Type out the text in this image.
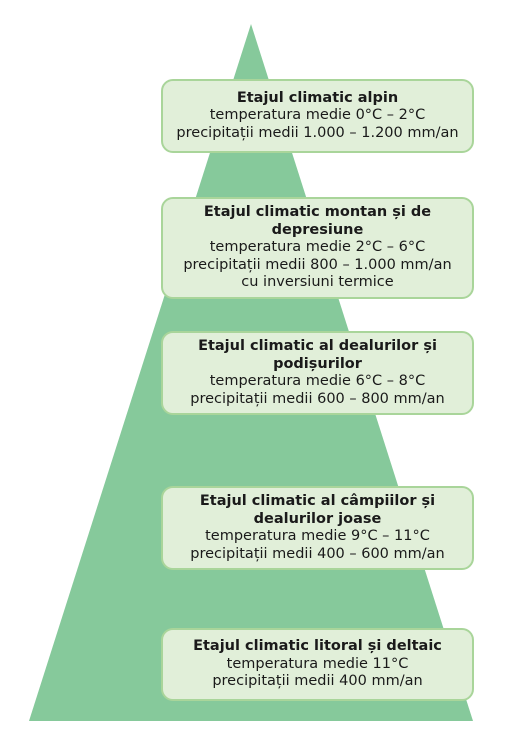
Etajul climatic alpin
temperatura medie 0°C – 2°C
precipitații medii 1.000 – 1.200 mm/an
Etajul climatic montan și de depresiune
temperatura medie 2°C – 6°C
precipitații medii 800 – 1.000 mm/an
cu inversiuni termice
Etajul climatic al dealurilor și podișurilor
temperatura medie 6°C – 8°C
precipitații medii 600 – 800 mm/an
Etajul climatic al câmpiilor și dealurilor joase
temperatura medie 9°C – 11°C
precipitații medii 400 – 600 mm/an
Etajul climatic litoral și deltaic
temperatura medie 11°C
precipitații medii 400 mm/an
